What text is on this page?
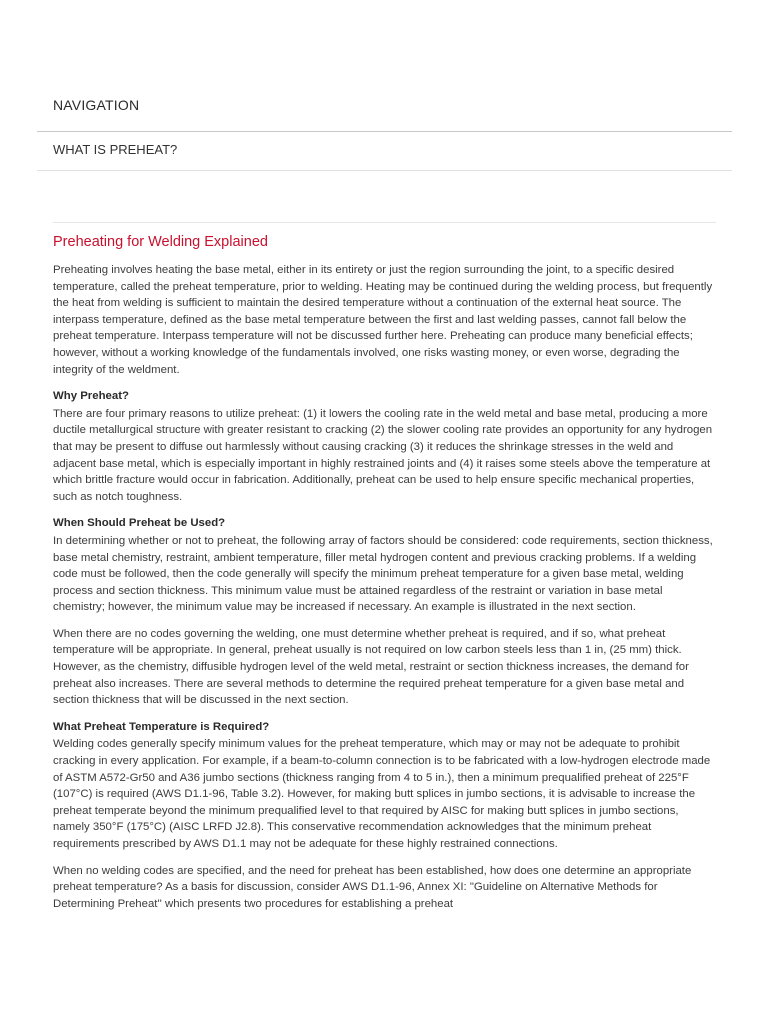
NAVIGATION
WHAT IS PREHEAT?
Preheating for Welding Explained

Preheating involves heating the base metal, either in its entirety or just the region surrounding the joint, to a specific desired temperature, called the preheat temperature, prior to welding. Heating may be continued during the welding process, but frequently the heat from welding is sufficient to maintain the desired temperature without a continuation of the external heat source. The interpass temperature, defined as the base metal temperature between the first and last welding passes, cannot fall below the preheat temperature. Interpass temperature will not be discussed further here. Preheating can produce many beneficial effects; however, without a working knowledge of the fundamentals involved, one risks wasting money, or even worse, degrading the integrity of the weldment.

Why Preheat?
There are four primary reasons to utilize preheat: (1) it lowers the cooling rate in the weld metal and base metal, producing a more ductile metallurgical structure with greater resistant to cracking (2) the slower cooling rate provides an opportunity for any hydrogen that may be present to diffuse out harmlessly without causing cracking (3) it reduces the shrinkage stresses in the weld and adjacent base metal, which is especially important in highly restrained joints and (4) it raises some steels above the temperature at which brittle fracture would occur in fabrication. Additionally, preheat can be used to help ensure specific mechanical properties, such as notch toughness.

When Should Preheat be Used?
In determining whether or not to preheat, the following array of factors should be considered: code requirements, section thickness, base metal chemistry, restraint, ambient temperature, filler metal hydrogen content and previous cracking problems. If a welding code must be followed, then the code generally will specify the minimum preheat temperature for a given base metal, welding process and section thickness. This minimum value must be attained regardless of the restraint or variation in base metal chemistry; however, the minimum value may be increased if necessary. An example is illustrated in the next section.

When there are no codes governing the welding, one must determine whether preheat is required, and if so, what preheat temperature will be appropriate. In general, preheat usually is not required on low carbon steels less than 1 in, (25 mm) thick. However, as the chemistry, diffusible hydrogen level of the weld metal, restraint or section thickness increases, the demand for preheat also increases. There are several methods to determine the required preheat temperature for a given base metal and section thickness that will be discussed in the next section.

What Preheat Temperature is Required?
Welding codes generally specify minimum values for the preheat temperature, which may or may not be adequate to prohibit cracking in every application. For example, if a beam-to-column connection is to be fabricated with a low-hydrogen electrode made of ASTM A572-Gr50 and A36 jumbo sections (thickness ranging from 4 to 5 in.), then a minimum prequalified preheat of 225°F (107°C) is required (AWS D1.1-96, Table 3.2). However, for making butt splices in jumbo sections, it is advisable to increase the preheat temperate beyond the minimum prequalified level to that required by AISC for making butt splices in jumbo sections, namely 350°F (175°C) (AISC LRFD J2.8). This conservative recommendation acknowledges that the minimum preheat requirements prescribed by AWS D1.1 may not be adequate for these highly restrained connections.

When no welding codes are specified, and the need for preheat has been established, how does one determine an appropriate preheat temperature? As a basis for discussion, consider AWS D1.1-96, Annex XI: "Guideline on Alternative Methods for Determining Preheat'' which presents two procedures for establishing a preheat
